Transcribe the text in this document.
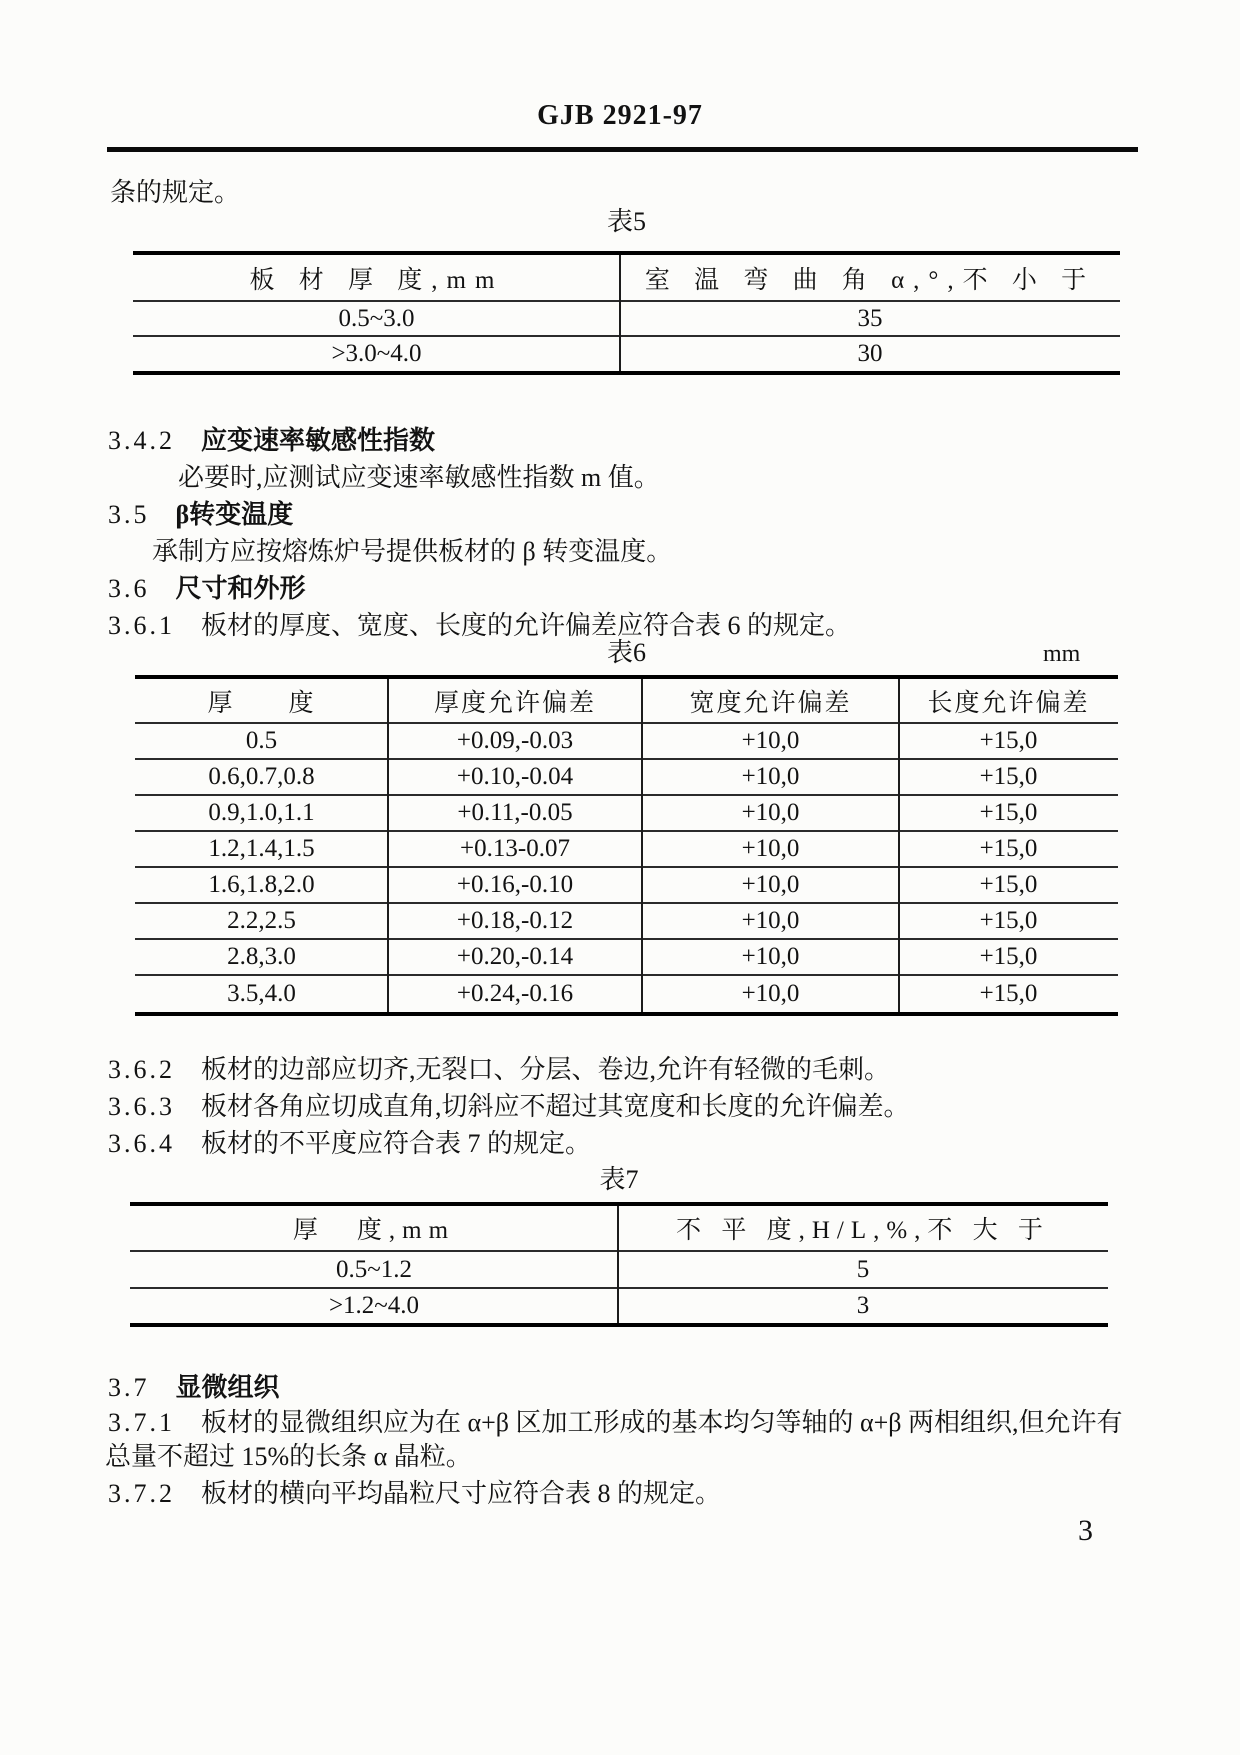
GJB 2921-97
条的规定。
表5
板 材 厚 度,mm	室 温 弯 曲 角 α,°,不 小 于
0.5~3.0	35
>3.0~4.0	30
3.4.2 应变速率敏感性指数
必要时,应测试应变速率敏感性指数 m 值。
3.5 β转变温度
承制方应按熔炼炉号提供板材的 β 转变温度。
3.6 尺寸和外形
3.6.1 板材的厚度、宽度、长度的允许偏差应符合表 6 的规定。
表6	mm
厚　　度	厚度允许偏差	宽度允许偏差	长度允许偏差
0.5	+0.09,-0.03	+10,0	+15,0
0.6,0.7,0.8	+0.10,-0.04	+10,0	+15,0
0.9,1.0,1.1	+0.11,-0.05	+10,0	+15,0
1.2,1.4,1.5	+0.13-0.07	+10,0	+15,0
1.6,1.8,2.0	+0.16,-0.10	+10,0	+15,0
2.2,2.5	+0.18,-0.12	+10,0	+15,0
2.8,3.0	+0.20,-0.14	+10,0	+15,0
3.5,4.0	+0.24,-0.16	+10,0	+15,0
3.6.2 板材的边部应切齐,无裂口、分层、卷边,允许有轻微的毛刺。
3.6.3 板材各角应切成直角,切斜应不超过其宽度和长度的允许偏差。
3.6.4 板材的不平度应符合表 7 的规定。
表7
厚　度,mm	不 平 度,H/L,%,不 大 于
0.5~1.2	5
>1.2~4.0	3
3.7 显微组织
3.7.1 板材的显微组织应为在 α+β 区加工形成的基本均匀等轴的 α+β 两相组织,但允许有
总量不超过 15%的长条 α 晶粒。
3.7.2 板材的横向平均晶粒尺寸应符合表 8 的规定。
3
